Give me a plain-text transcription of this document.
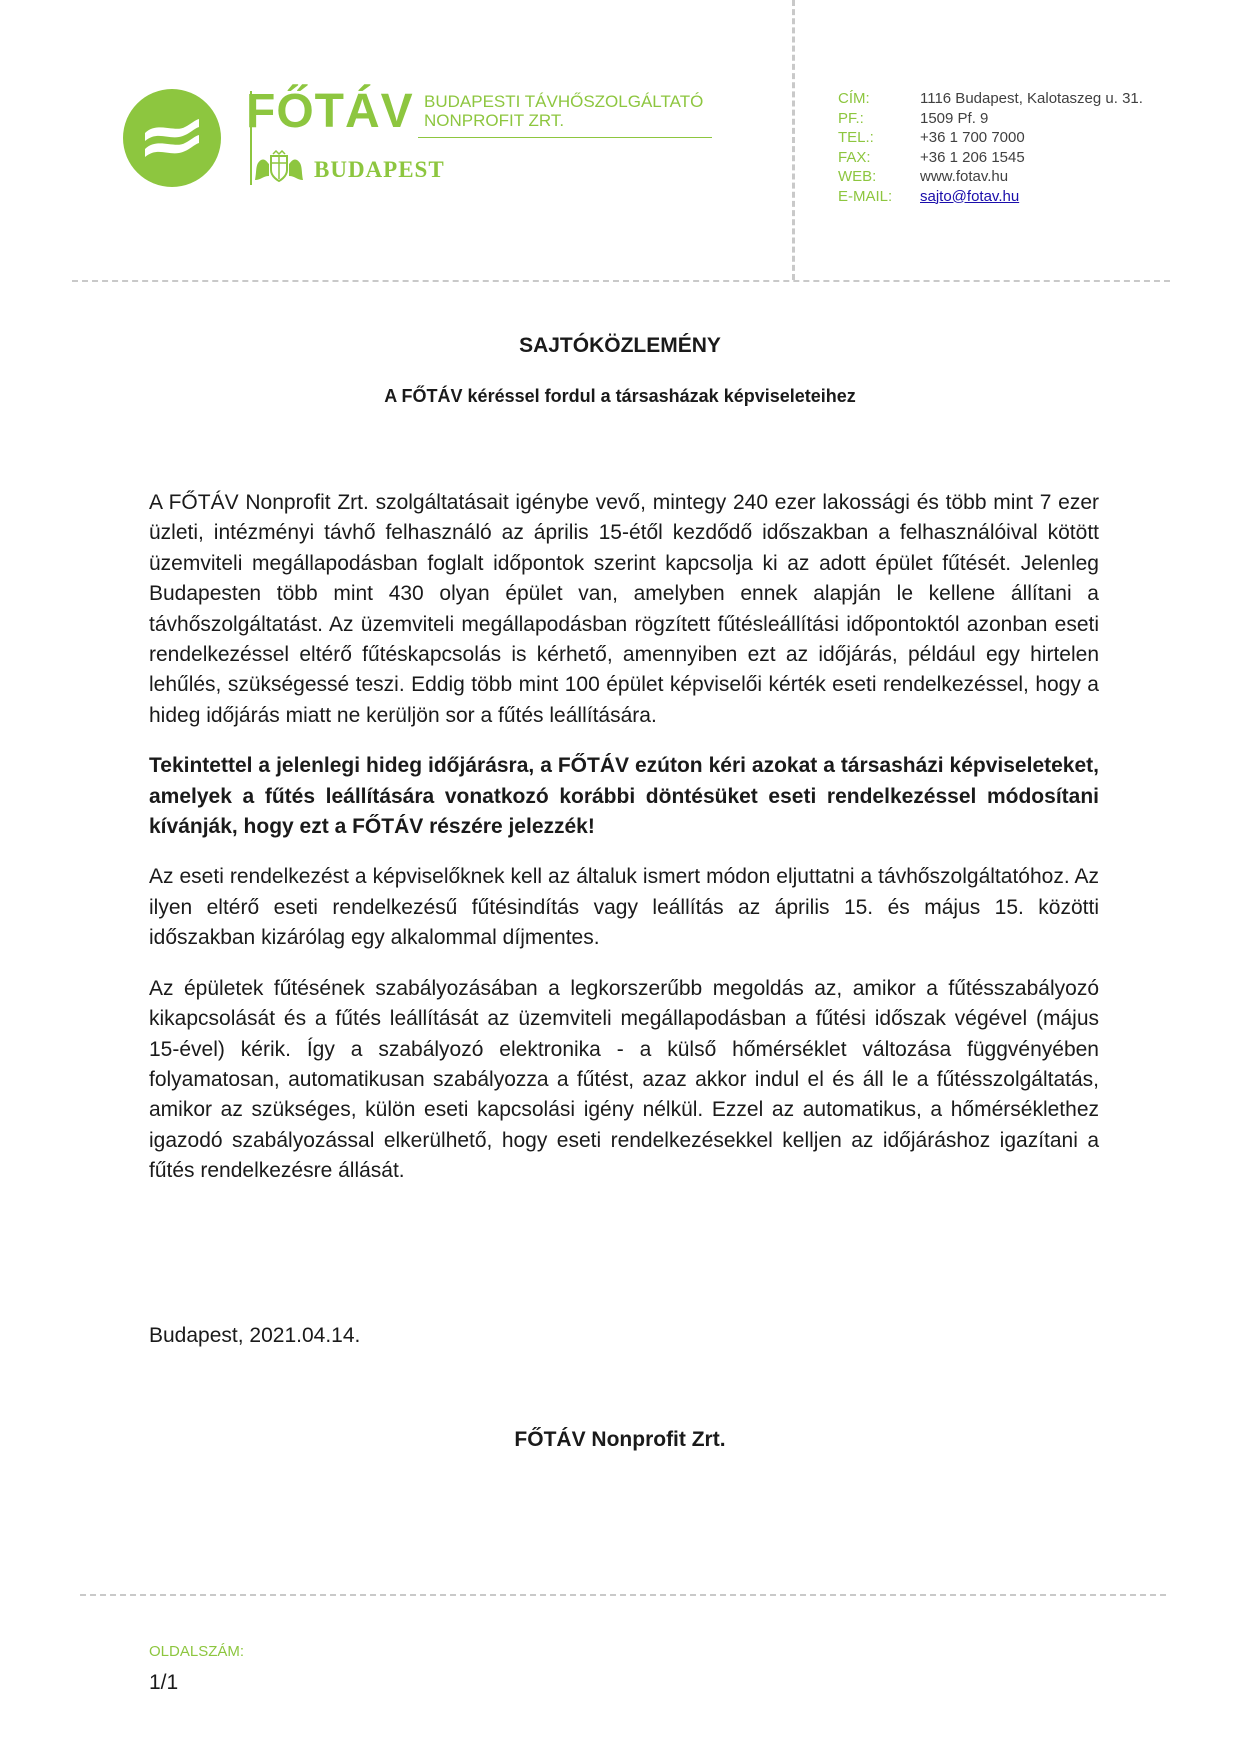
FŐTÁV BUDAPESTI TÁVHŐSZOLGÁLTATÓ
NONPROFIT ZRT.
BUDAPEST
CÍM:	1116 Budapest, Kalotaszeg u. 31.
PF.:	1509 Pf. 9
TEL.:	+36 1 700 7000
FAX:	+36 1 206 1545
WEB:	www.fotav.hu
E-MAIL:	sajto@fotav.hu
SAJTÓKÖZLEMÉNY
A FŐTÁV kéréssel fordul a társasházak képviseleteihez

A FŐTÁV Nonprofit Zrt. szolgáltatásait igénybe vevő, mintegy 240 ezer lakossági és több mint 7 ezer üzleti, intézményi távhő felhasználó az április 15-étől kezdődő időszakban a felhasználóival kötött üzemviteli megállapodásban foglalt időpontok szerint kapcsolja ki az adott épület fűtését. Jelenleg Budapesten több mint 430 olyan épület van, amelyben ennek alapján le kellene állítani a távhőszolgáltatást. Az üzemviteli megállapodásban rögzített fűtésleállítási időpontoktól azonban eseti rendelkezéssel eltérő fűtéskapcsolás is kérhető, amennyiben ezt az időjárás, például egy hirtelen lehűlés, szükségessé teszi. Eddig több mint 100 épület képviselői kérték eseti rendelkezéssel, hogy a hideg időjárás miatt ne kerüljön sor a fűtés leállítására.

Tekintettel a jelenlegi hideg időjárásra, a FŐTÁV ezúton kéri azokat a társasházi képviseleteket, amelyek a fűtés leállítására vonatkozó korábbi döntésüket eseti rendelkezéssel módosítani kívánják, hogy ezt a FŐTÁV részére jelezzék!

Az eseti rendelkezést a képviselőknek kell az általuk ismert módon eljuttatni a távhőszolgáltatóhoz. Az ilyen eltérő eseti rendelkezésű fűtésindítás vagy leállítás az április 15. és május 15. közötti időszakban kizárólag egy alkalommal díjmentes.

Az épületek fűtésének szabályozásában a legkorszerűbb megoldás az, amikor a fűtésszabályozó kikapcsolását és a fűtés leállítását az üzemviteli megállapodásban a fűtési időszak végével (május 15-ével) kérik. Így a szabályozó elektronika - a külső hőmérséklet változása függvényében folyamatosan, automatikusan szabályozza a fűtést, azaz akkor indul el és áll le a fűtésszolgáltatás, amikor az szükséges, külön eseti kapcsolási igény nélkül. Ezzel az automatikus, a hőmérséklethez igazodó szabályozással elkerülhető, hogy eseti rendelkezésekkel kelljen az időjáráshoz igazítani a fűtés rendelkezésre állását.

Budapest, 2021.04.14.
FŐTÁV Nonprofit Zrt.
OLDALSZÁM:
1/1
